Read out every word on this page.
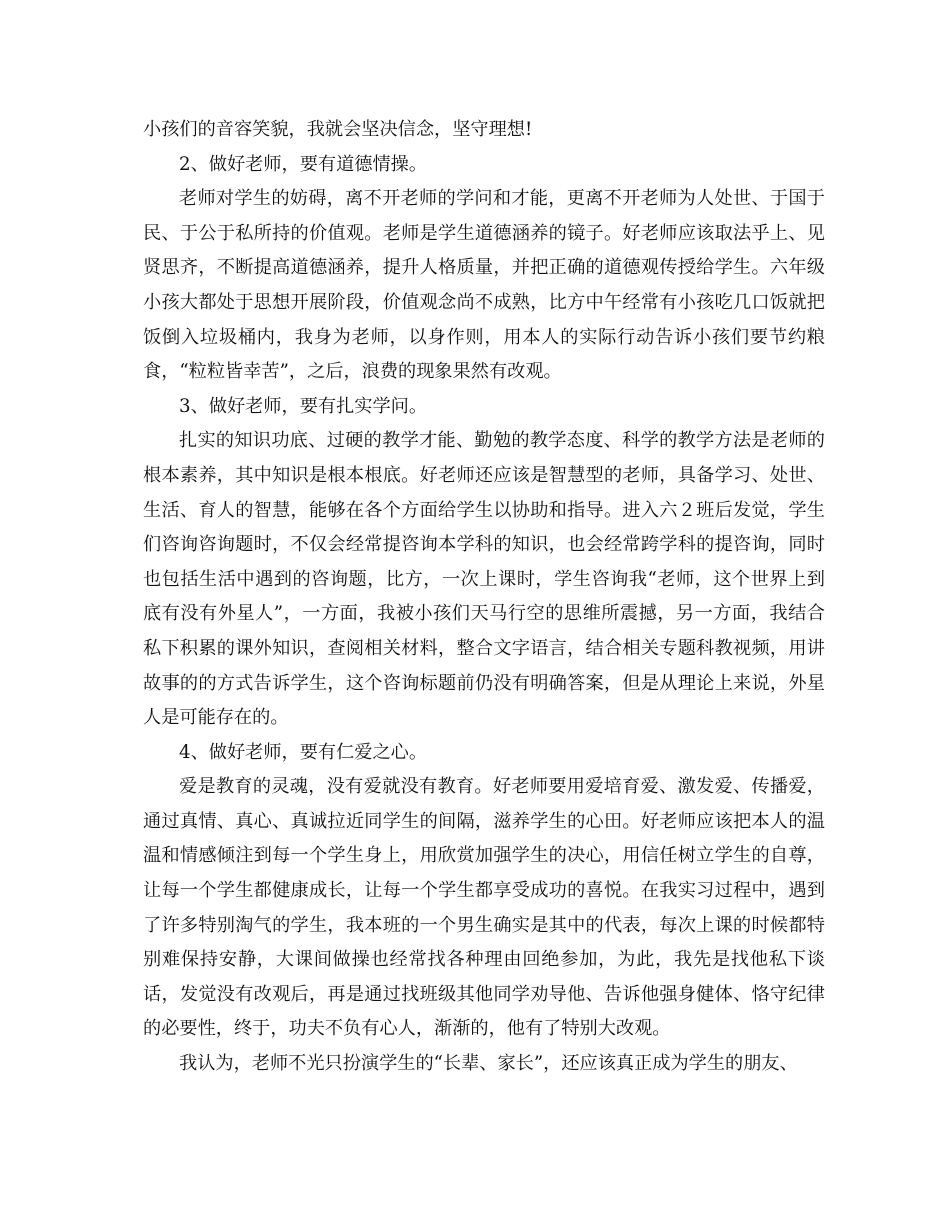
小孩们的音容笑貌，我就会坚决信念，坚守理想!

2、做好老师，要有道德情操。

老师对学生的妨碍，离不开老师的学问和才能，更离不开老师为人处世、于国于民、于公于私所持的价值观。老师是学生道德涵养的镜子。好老师应该取法乎上、见贤思齐，不断提高道德涵养，提升人格质量，并把正确的道德观传授给学生。六年级小孩大都处于思想开展阶段，价值观念尚不成熟，比方中午经常有小孩吃几口饭就把饭倒入垃圾桶内，我身为老师，以身作则，用本人的实际行动告诉小孩们要节约粮食，“粒粒皆幸苦”，之后，浪费的现象果然有改观。

3、做好老师，要有扎实学问。

扎实的知识功底、过硬的教学才能、勤勉的教学态度、科学的教学方法是老师的根本素养，其中知识是根本根底。好老师还应该是智慧型的老师，具备学习、处世、生活、育人的智慧，能够在各个方面给学生以协助和指导。进入六２班后发觉，学生们咨询咨询题时，不仅会经常提咨询本学科的知识，也会经常跨学科的提咨询，同时也包括生活中遇到的咨询题，比方，一次上课时，学生咨询我“老师，这个世界上到底有没有外星人”，一方面，我被小孩们天马行空的思维所震撼，另一方面，我结合私下积累的课外知识，查阅相关材料，整合文字语言，结合相关专题科教视频，用讲故事的的方式告诉学生，这个咨询标题前仍没有明确答案，但是从理论上来说，外星人是可能存在的。

4、做好老师，要有仁爱之心。

爱是教育的灵魂，没有爱就没有教育。好老师要用爱培育爱、激发爱、传播爱，通过真情、真心、真诚拉近同学生的间隔，滋养学生的心田。好老师应该把本人的温温和情感倾注到每一个学生身上，用欣赏加强学生的决心，用信任树立学生的自尊，让每一个学生都健康成长，让每一个学生都享受成功的喜悦。在我实习过程中，遇到了许多特别淘气的学生，我本班的一个男生确实是其中的代表，每次上课的时候都特别难保持安静，大课间做操也经常找各种理由回绝参加，为此，我先是找他私下谈话，发觉没有改观后，再是通过找班级其他同学劝导他、告诉他强身健体、恪守纪律的必要性，终于，功夫不负有心人，渐渐的，他有了特别大改观。

我认为，老师不光只扮演学生的“长辈、家长”，还应该真正成为学生的朋友、
